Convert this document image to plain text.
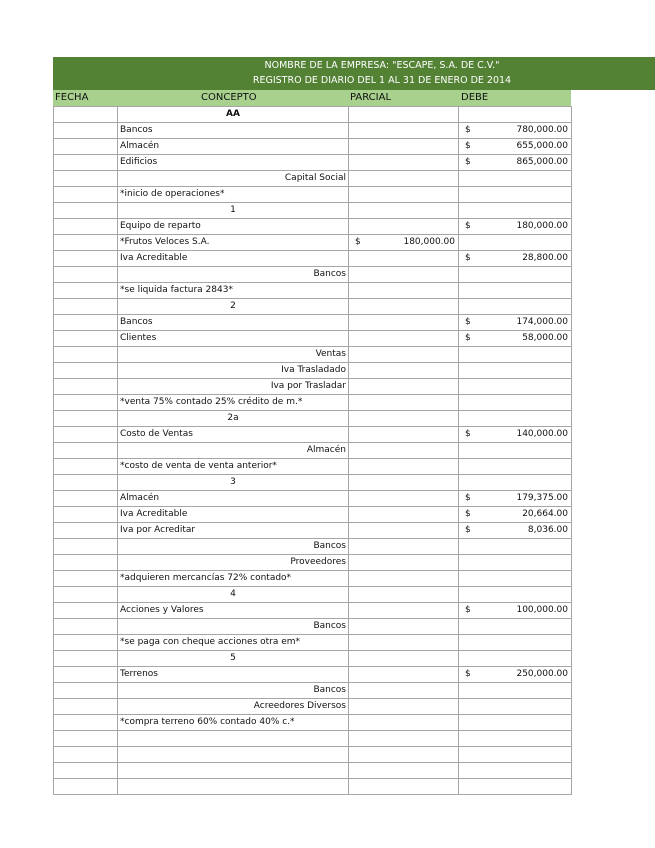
NOMBRE DE LA EMPRESA: "ESCAPE, S.A. DE C.V."
REGISTRO DE DIARIO DEL 1 AL 31 DE ENERO DE 2014
FECHA	CONCEPTO	PARCIAL	DEBE
	AA		
	Bancos		$ 780,000.00

	Almacén		$ 655,000.00

	Edificios		$ 865,000.00

	Capital Social		
	*inicio de operaciones*		
	1		
	Equipo de reparto		$ 180,000.00

	*Frutos Veloces S.A.	$ 180,000.00	

	Iva Acreditable		$ 28,800.00

	Bancos		
	*se liquida factura 2843*		
	2		
	Bancos		$ 174,000.00

	Clientes		$ 58,000.00

	Ventas		
	Iva Trasladado		
	Iva por Trasladar		
	*venta 75% contado 25% crédito de m.*		
	2a		
	Costo de Ventas		$ 140,000.00

	Almacén		
	*costo de venta de venta anterior*		
	3		
	Almacén		$ 179,375.00

	Iva Acreditable		$ 20,664.00

	Iva por Acreditar		$ 8,036.00

	Bancos		
	Proveedores		
	*adquieren mercancías 72% contado*		
	4		
	Acciones y Valores		$ 100,000.00

	Bancos		
	*se paga con cheque acciones otra em*		
	5		
	Terrenos		$ 250,000.00

	Bancos		
	Acreedores Diversos		
	*compra terreno 60% contado 40% c.*		
